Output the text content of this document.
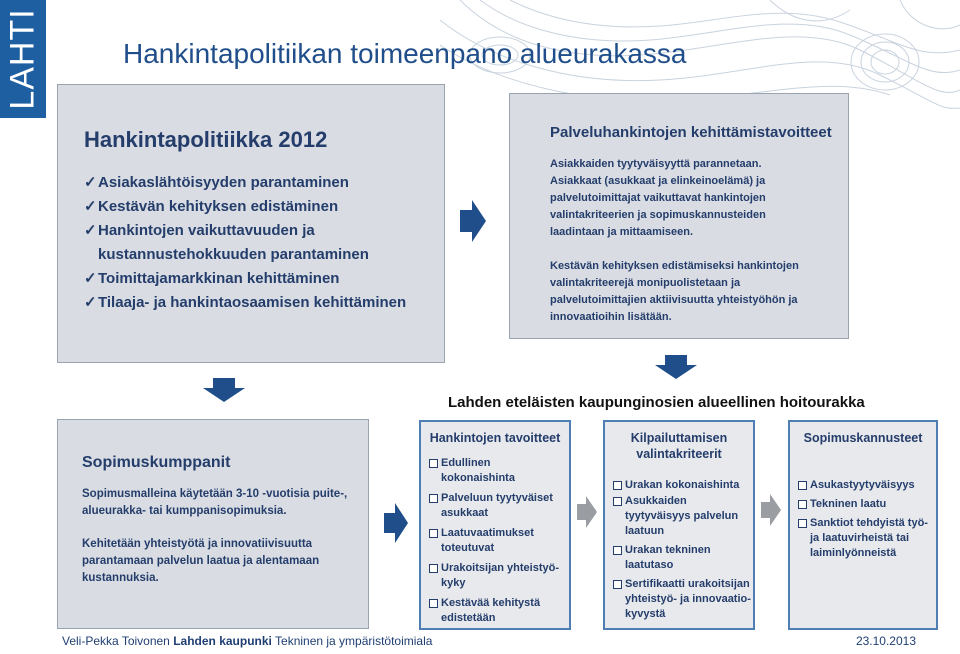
LAHTI	Hankintapolitiikan toimeenpano alueurakassa
Hankintapolitiikka 2012
✓ Asiakaslähtöisyyden parantaminen
✓ Kestävän kehityksen edistäminen
✓ Hankintojen vaikuttavuuden ja kustannustehokkuuden parantaminen
✓ Toimittajamarkkinan kehittäminen
✓ Tilaaja- ja hankintaosaamisen kehittäminen
Palveluhankintojen kehittämistavoitteet
Asiakkaiden tyytyväisyyttä parannetaan. Asiakkaat (asukkaat ja elinkeinoelämä) ja palvelutoimittajat vaikuttavat hankintojen valintakriteerien ja sopimuskannusteiden laadintaan ja mittaamiseen.
Kestävän kehityksen edistämiseksi hankintojen valintakriteerejä monipuolistetaan ja palvelutoimittajien aktiivisuutta yhteistyöhön ja innovaatioihin lisätään.
Lahden eteläisten kaupunginosien alueellinen hoitourakka
Sopimuskumppanit
Sopimusmalleina käytetään 3-10 -vuotisia puite-, alueurakka- tai kumppanisopimuksia.
Kehitetään yhteistyötä ja innovatiivisuutta parantamaan palvelun laatua ja alentamaan kustannuksia.
Hankintojen tavoitteet
Edullinen kokonaishinta
Palveluun tyytyväiset asukkaat
Laatuvaatimukset toteutuvat
Urakoitsijan yhteistyö-kyky
Kestävää kehitystä edistetään
Kilpailuttamisen valintakriteerit
Urakan kokonaishinta
Asukkaiden tyytyväisyys palvelun laatuun
Urakan tekninen laatutaso
Sertifikaatti urakoitsijan yhteistyö- ja innovaatio-kyvystä
Sopimuskannusteet
Asukastyytyväisyys
Tekninen laatu
Sanktiot tehdyistä työ- ja laatuvirheistä tai laiminlyönneistä
Veli-Pekka Toivonen Lahden kaupunki Tekninen ja ympäristötoimiala	23.10.2013
